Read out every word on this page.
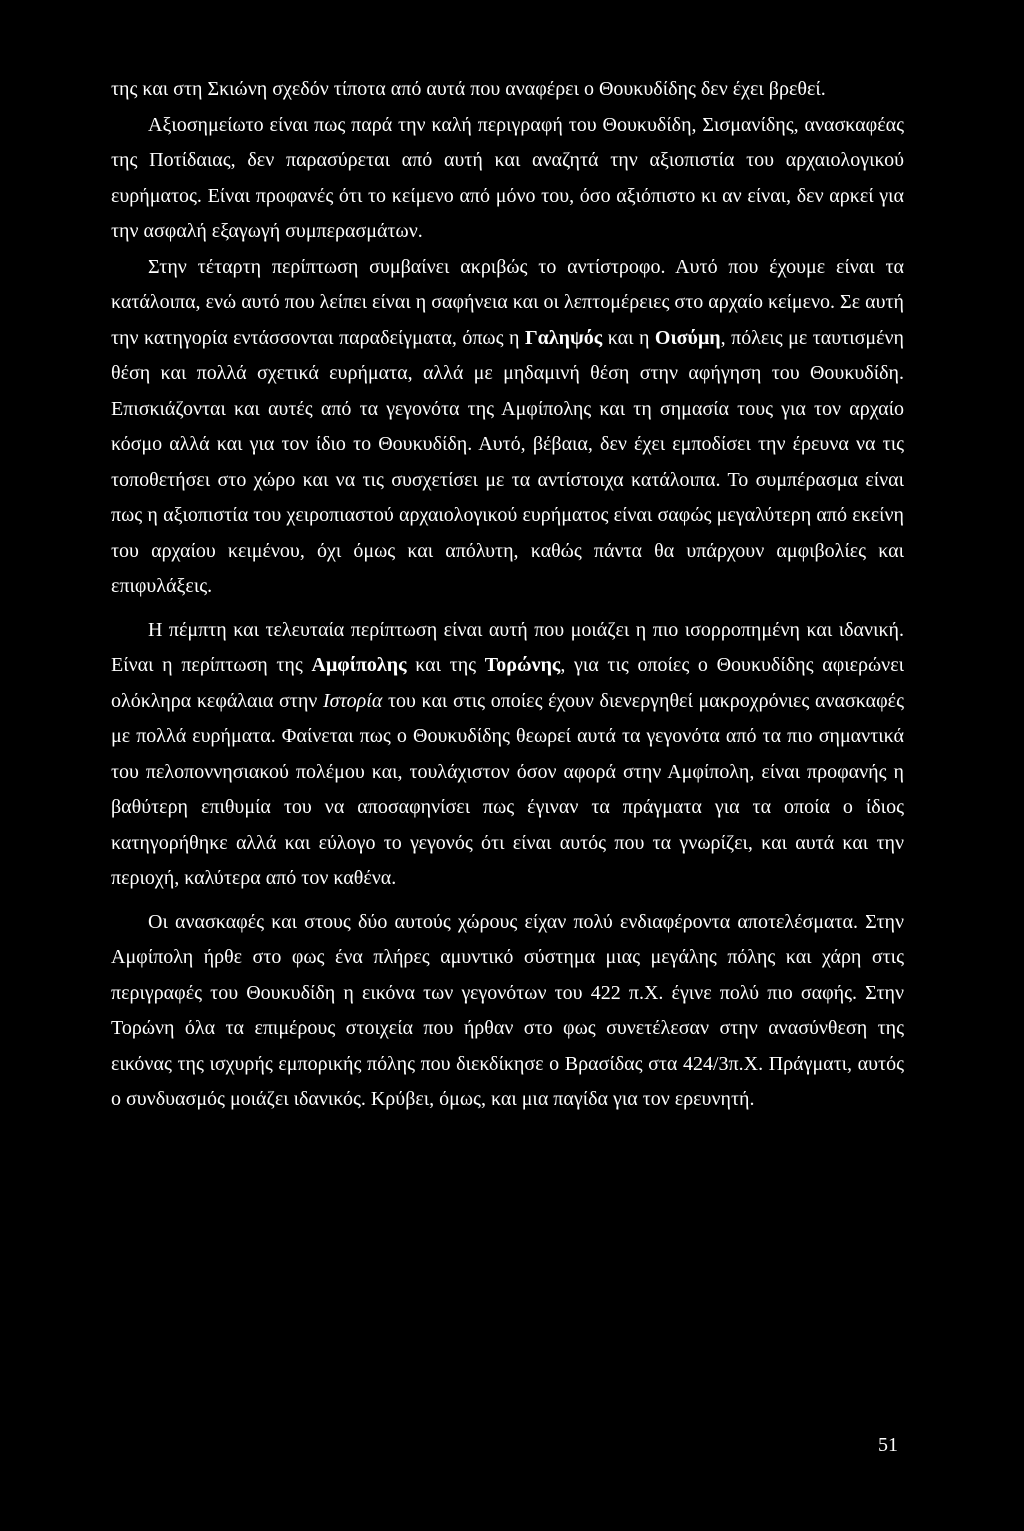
της και στη Σκιώνη σχεδόν τίποτα από αυτά που αναφέρει ο Θουκυδίδης δεν έχει βρεθεί.

Αξιοσημείωτο είναι πως παρά την καλή περιγραφή του Θουκυδίδη, Σισμανίδης, ανασκαφέας της Ποτίδαιας, δεν παρασύρεται από αυτή και αναζητά την αξιοπιστία του αρχαιολογικού ευρήματος. Είναι προφανές ότι το κείμενο από μόνο του, όσο αξιόπιστο κι αν είναι, δεν αρκεί για την ασφαλή εξαγωγή συμπερασμάτων.

Στην τέταρτη περίπτωση συμβαίνει ακριβώς το αντίστροφο. Αυτό που έχουμε είναι τα κατάλοιπα, ενώ αυτό που λείπει είναι η σαφήνεια και οι λεπτομέρειες στο αρχαίο κείμενο. Σε αυτή την κατηγορία εντάσσονται παραδείγματα, όπως η Γαληψός και η Οισύμη, πόλεις με ταυτισμένη θέση και πολλά σχετικά ευρήματα, αλλά με μηδαμινή θέση στην αφήγηση του Θουκυδίδη. Επισκιάζονται και αυτές από τα γεγονότα της Αμφίπολης και τη σημασία τους για τον αρχαίο κόσμο αλλά και για τον ίδιο το Θουκυδίδη. Αυτό, βέβαια, δεν έχει εμποδίσει την έρευνα να τις τοποθετήσει στο χώρο και να τις συσχετίσει με τα αντίστοιχα κατάλοιπα. Το συμπέρασμα είναι πως η αξιοπιστία του χειροπιαστού αρχαιολογικού ευρήματος είναι σαφώς μεγαλύτερη από εκείνη του αρχαίου κειμένου, όχι όμως και απόλυτη, καθώς πάντα θα υπάρχουν αμφιβολίες και επιφυλάξεις.

Η πέμπτη και τελευταία περίπτωση είναι αυτή που μοιάζει η πιο ισορροπημένη και ιδανική. Είναι η περίπτωση της Αμφίπολης και της Τορώνης, για τις οποίες ο Θουκυδίδης αφιερώνει ολόκληρα κεφάλαια στην Ιστορία του και στις οποίες έχουν διενεργηθεί μακροχρόνιες ανασκαφές με πολλά ευρήματα. Φαίνεται πως ο Θουκυδίδης θεωρεί αυτά τα γεγονότα από τα πιο σημαντικά του πελοποννησιακού πολέμου και, τουλάχιστον όσον αφορά στην Αμφίπολη, είναι προφανής η βαθύτερη επιθυμία του να αποσαφηνίσει πως έγιναν τα πράγματα για τα οποία ο ίδιος κατηγορήθηκε αλλά και εύλογο το γεγονός ότι είναι αυτός που τα γνωρίζει, και αυτά και την περιοχή, καλύτερα από τον καθένα.

Οι ανασκαφές και στους δύο αυτούς χώρους είχαν πολύ ενδιαφέροντα αποτελέσματα. Στην Αμφίπολη ήρθε στο φως ένα πλήρες αμυντικό σύστημα μιας μεγάλης πόλης και χάρη στις περιγραφές του Θουκυδίδη η εικόνα των γεγονότων του 422 π.Χ. έγινε πολύ πιο σαφής. Στην Τορώνη όλα τα επιμέρους στοιχεία που ήρθαν στο φως συνετέλεσαν στην ανασύνθεση της εικόνας της ισχυρής εμπορικής πόλης που διεκδίκησε ο Βρασίδας στα 424/3π.Χ. Πράγματι, αυτός ο συνδυασμός μοιάζει ιδανικός. Κρύβει, όμως, και μια παγίδα για τον ερευνητή.

51
